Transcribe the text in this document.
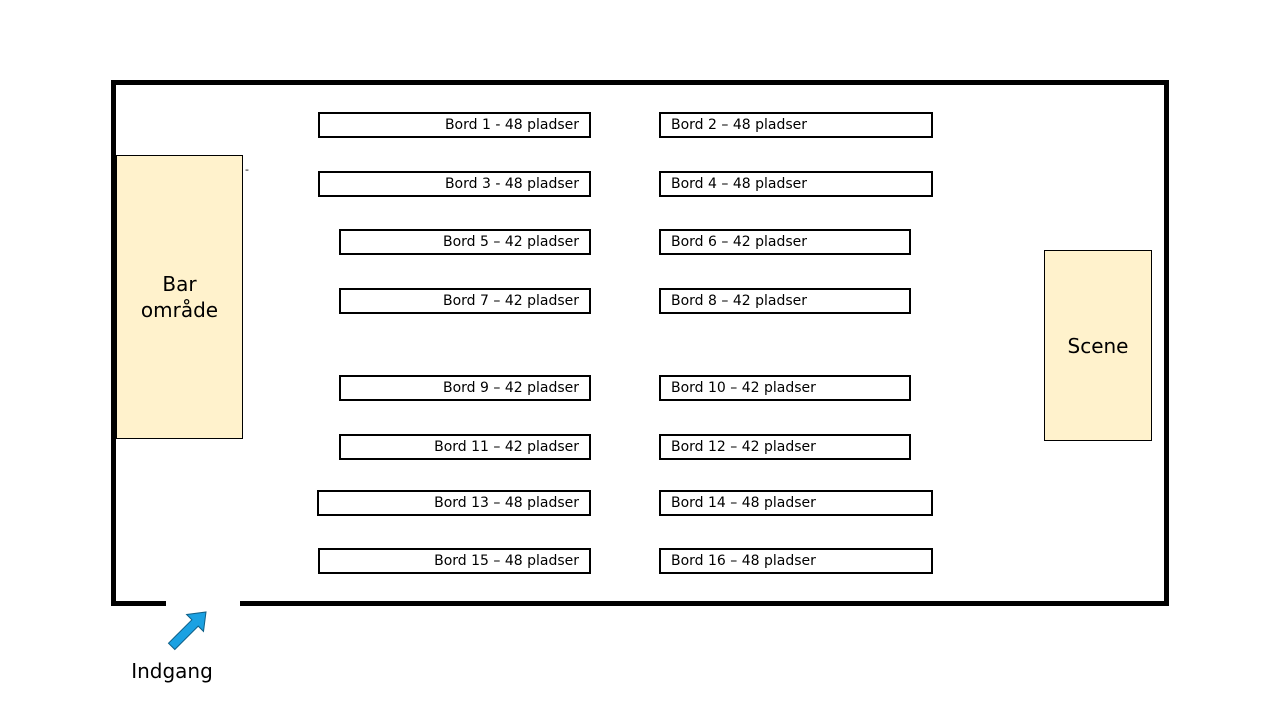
Bar
område
-
Scene
Bord 1 - 48 pladser
Bord 3 - 48 pladser
Bord 5 – 42 pladser
Bord 7 – 42 pladser
Bord 9 – 42 pladser
Bord 11 – 42 pladser
Bord 13 – 48 pladser
Bord 15 – 48 pladser
Bord 2 – 48 pladser
Bord 4 – 48 pladser
Bord 6 – 42 pladser
Bord 8 – 42 pladser
Bord 10 – 42 pladser
Bord 12 – 42 pladser
Bord 14 – 48 pladser
Bord 16 – 48 pladser
Indgang
